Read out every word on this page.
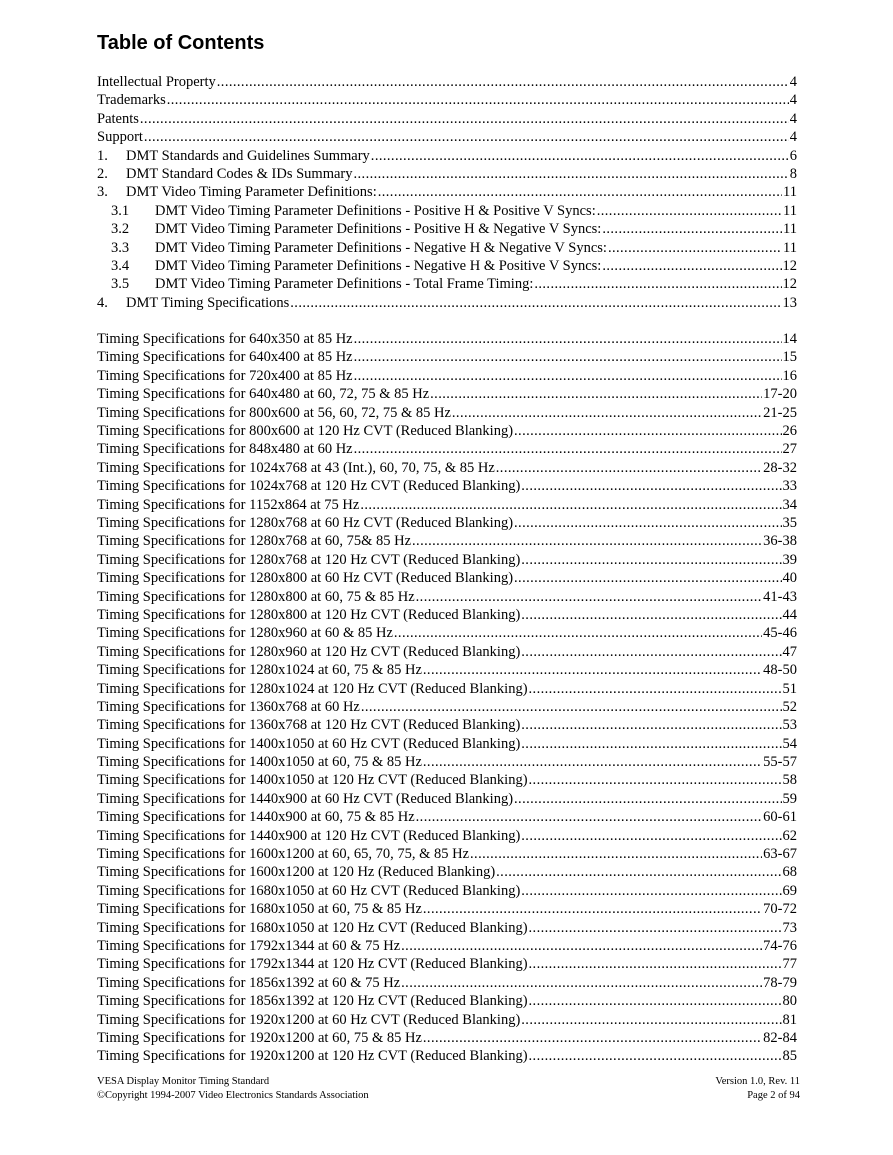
Table of Contents
Intellectual Property .....	4
Trademarks .....	4
Patents .....	4
Support .....	4
1.	DMT Standards and Guidelines Summary .....	6
2.	DMT Standard Codes & IDs Summary .....	8
3.	DMT Video Timing Parameter Definitions: .....	11
3.1	DMT Video Timing Parameter Definitions - Positive H & Positive V Syncs: .....	11
3.2	DMT Video Timing Parameter Definitions - Positive H & Negative V Syncs: .....	11
3.3	DMT Video Timing Parameter Definitions - Negative H & Negative V Syncs: .....	11
3.4	DMT Video Timing Parameter Definitions - Negative H & Positive V Syncs: .....	12
3.5	DMT Video Timing Parameter Definitions - Total Frame Timing: .....	12
4.	DMT Timing Specifications .....	13
Timing Specifications for 640x350 at 85 Hz .....	14
Timing Specifications for 640x400 at 85 Hz .....	15
Timing Specifications for 720x400 at 85 Hz .....	16
Timing Specifications for 640x480 at 60, 72, 75 & 85 Hz .....	17-20
Timing Specifications for 800x600 at 56, 60, 72, 75 & 85 Hz .....	21-25
Timing Specifications for 800x600 at 120 Hz CVT (Reduced Blanking) .....	26
Timing Specifications for 848x480 at 60 Hz .....	27
Timing Specifications for 1024x768 at 43 (Int.), 60, 70, 75, & 85 Hz .....	28-32
Timing Specifications for 1024x768 at 120 Hz CVT (Reduced Blanking) .....	33
Timing Specifications for 1152x864 at 75 Hz .....	34
Timing Specifications for 1280x768 at 60 Hz CVT (Reduced Blanking) .....	35
Timing Specifications for 1280x768 at 60, 75& 85 Hz .....	36-38
Timing Specifications for 1280x768 at 120 Hz CVT (Reduced Blanking) .....	39
Timing Specifications for 1280x800 at 60 Hz CVT (Reduced Blanking) .....	40
Timing Specifications for 1280x800 at 60, 75 & 85 Hz .....	41-43
Timing Specifications for 1280x800 at 120 Hz CVT (Reduced Blanking) .....	44
Timing Specifications for 1280x960 at 60 & 85 Hz .....	45-46
Timing Specifications for 1280x960 at 120 Hz CVT (Reduced Blanking) .....	47
Timing Specifications for 1280x1024 at 60, 75 & 85 Hz .....	48-50
Timing Specifications for 1280x1024 at 120 Hz CVT (Reduced Blanking) .....	51
Timing Specifications for 1360x768 at 60 Hz .....	52
Timing Specifications for 1360x768 at 120 Hz CVT (Reduced Blanking) .....	53
Timing Specifications for 1400x1050 at 60 Hz CVT (Reduced Blanking) .....	54
Timing Specifications for 1400x1050 at 60, 75 & 85 Hz .....	55-57
Timing Specifications for 1400x1050 at 120 Hz CVT (Reduced Blanking) .....	58
Timing Specifications for 1440x900 at 60 Hz CVT (Reduced Blanking) .....	59
Timing Specifications for 1440x900 at 60, 75 & 85 Hz .....	60-61
Timing Specifications for 1440x900 at 120 Hz CVT (Reduced Blanking) .....	62
Timing Specifications for 1600x1200 at 60, 65, 70, 75, & 85 Hz .....	63-67
Timing Specifications for 1600x1200 at 120 Hz (Reduced Blanking) .....	68
Timing Specifications for 1680x1050 at 60 Hz CVT (Reduced Blanking) .....	69
Timing Specifications for 1680x1050 at 60, 75 & 85 Hz .....	70-72
Timing Specifications for 1680x1050 at 120 Hz CVT (Reduced Blanking) .....	73
Timing Specifications for 1792x1344 at 60 & 75 Hz .....	74-76
Timing Specifications for 1792x1344 at 120 Hz CVT (Reduced Blanking) .....	77
Timing Specifications for 1856x1392 at 60 & 75 Hz .....	78-79
Timing Specifications for 1856x1392 at 120 Hz CVT (Reduced Blanking) .....	80
Timing Specifications for 1920x1200 at 60 Hz CVT (Reduced Blanking) .....	81
Timing Specifications for 1920x1200 at 60, 75 & 85 Hz .....	82-84
Timing Specifications for 1920x1200 at 120 Hz CVT (Reduced Blanking) .....	85
VESA Display Monitor Timing Standard	Version 1.0, Rev. 11
©Copyright 1994-2007 Video Electronics Standards Association	Page 2 of 94
